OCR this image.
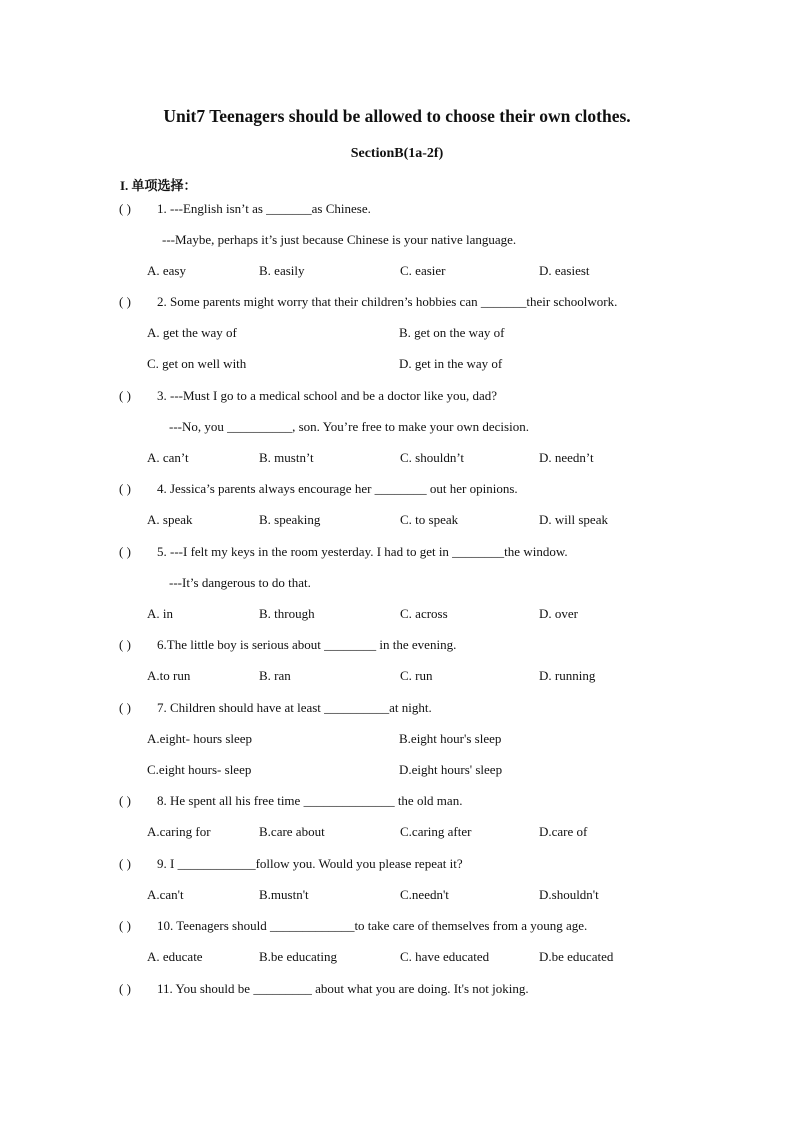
Unit7 Teenagers should be allowed to choose their own clothes.
SectionB(1a-2f)
I. 单项选择：
( ) 1. ---English isn’t as _______as Chinese.
---Maybe, perhaps it’s just because Chinese is your native language.
A. easy	B. easily	C. easier	D. easiest
( ) 2. Some parents might worry that their children’s hobbies can _______their schoolwork.
A. get the way of	B. get on the way of
C. get on well with	D. get in the way of
( ) 3. ---Must I go to a medical school and be a doctor like you, dad?
---No, you __________, son. You’re free to make your own decision.
A. can’t	B. mustn’t	C. shouldn’t	D. needn’t
( ) 4. Jessica’s parents always encourage her ________ out her opinions.
A. speak	B. speaking	C. to speak	D. will speak
( ) 5. ---I felt my keys in the room yesterday. I had to get in ________the window.
---It’s dangerous to do that.
A. in	B. through	C. across	D. over
( ) 6.The little boy is serious about ________ in the evening.
A.to run	B. ran	C. run	D. running
( ) 7. Children should have at least __________at night.
A.eight- hours sleep	B.eight hour's sleep
C.eight hours- sleep	D.eight hours' sleep
( ) 8. He spent all his free time ______________ the old man.
A.caring for	B.care about	C.caring after	D.care of
( ) 9. I ____________follow you. Would you please repeat it?
A.can't	B.mustn't	C.needn't	D.shouldn't
( ) 10. Teenagers should _____________to take care of themselves from a young age.
A. educate	B.be educating	C. have educated	D.be educated
( ) 11. You should be _________ about what you are doing. It's not joking.
